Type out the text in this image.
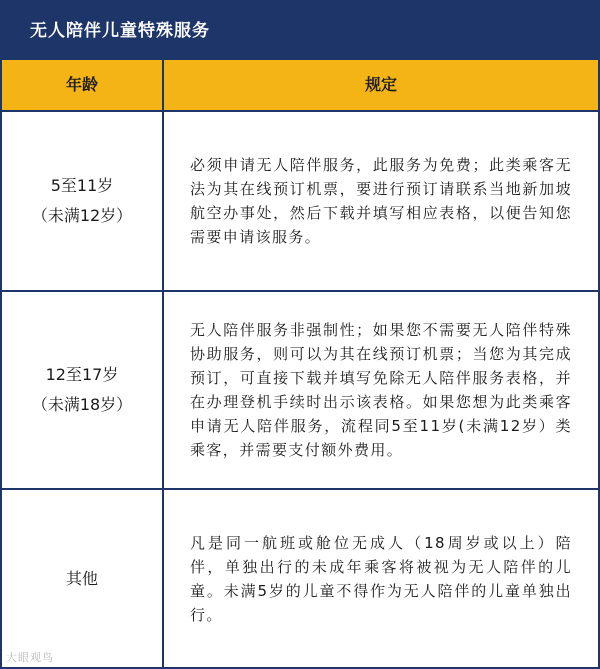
无人陪伴儿童特殊服务
年龄	规定
5至11岁
（未满12岁）
必须申请无人陪伴服务，此服务为免费；此类乘客无法为其在线预订机票，要进行预订请联系当地新加坡航空办事处，然后下载并填写相应表格，以便告知您需要申请该服务。
12至17岁
（未满18岁）
无人陪伴服务非强制性；如果您不需要无人陪伴特殊协助服务，则可以为其在线预订机票；当您为其完成预订，可直接下载并填写免除无人陪伴服务表格，并在办理登机手续时出示该表格。如果您想为此类乘客申请无人陪伴服务，流程同5至11岁(未满12岁）类乘客，并需要支付额外费用。
其他
凡是同一航班或舱位无成人（18周岁或以上）陪伴，单独出行的未成年乘客将被视为无人陪伴的儿童。未满5岁的儿童不得作为无人陪伴的儿童单独出行。
大眼观鸟
